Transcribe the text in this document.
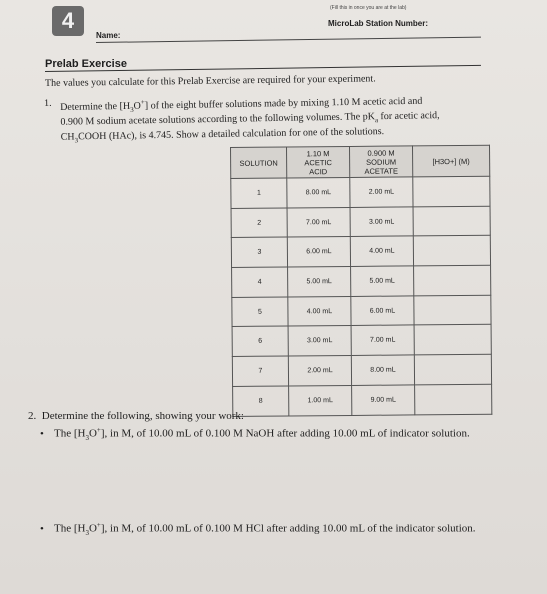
4	(Fill this in once you are at the lab)
MicroLab Station Number:
Name:
Prelab Exercise
The values you calculate for this Prelab Exercise are required for your experiment.
1. Determine the $[H_3O^+]$ of the eight buffer solutions made by mixing 1.10 M acetic acid and
0.900 M sodium acetate solutions according to the following volumes. The $pK_a$ for acetic acid,
$CH_3COOH$ (HAc), is 4.745. Show a detailed calculation for one of the solutions.
SOLUTION	1.10 M
ACETIC
ACID	0.900 M
SODIUM
ACETATE	[H3O+] (M)
1	8.00 mL	2.00 mL	
2	7.00 mL	3.00 mL	
3	6.00 mL	4.00 mL	
4	5.00 mL	5.00 mL	
5	4.00 mL	6.00 mL	
6	3.00 mL	7.00 mL	
7	2.00 mL	8.00 mL	
8	1.00 mL	9.00 mL	
2. Determine the following, showing your work:
• The $[H_3O^+]$, in M, of 10.00 mL of 0.100 M NaOH after adding 10.00 mL of indicator solution.
• The $[H_3O^+]$, in M, of 10.00 mL of 0.100 M HCl after adding 10.00 mL of the indicator solution.
